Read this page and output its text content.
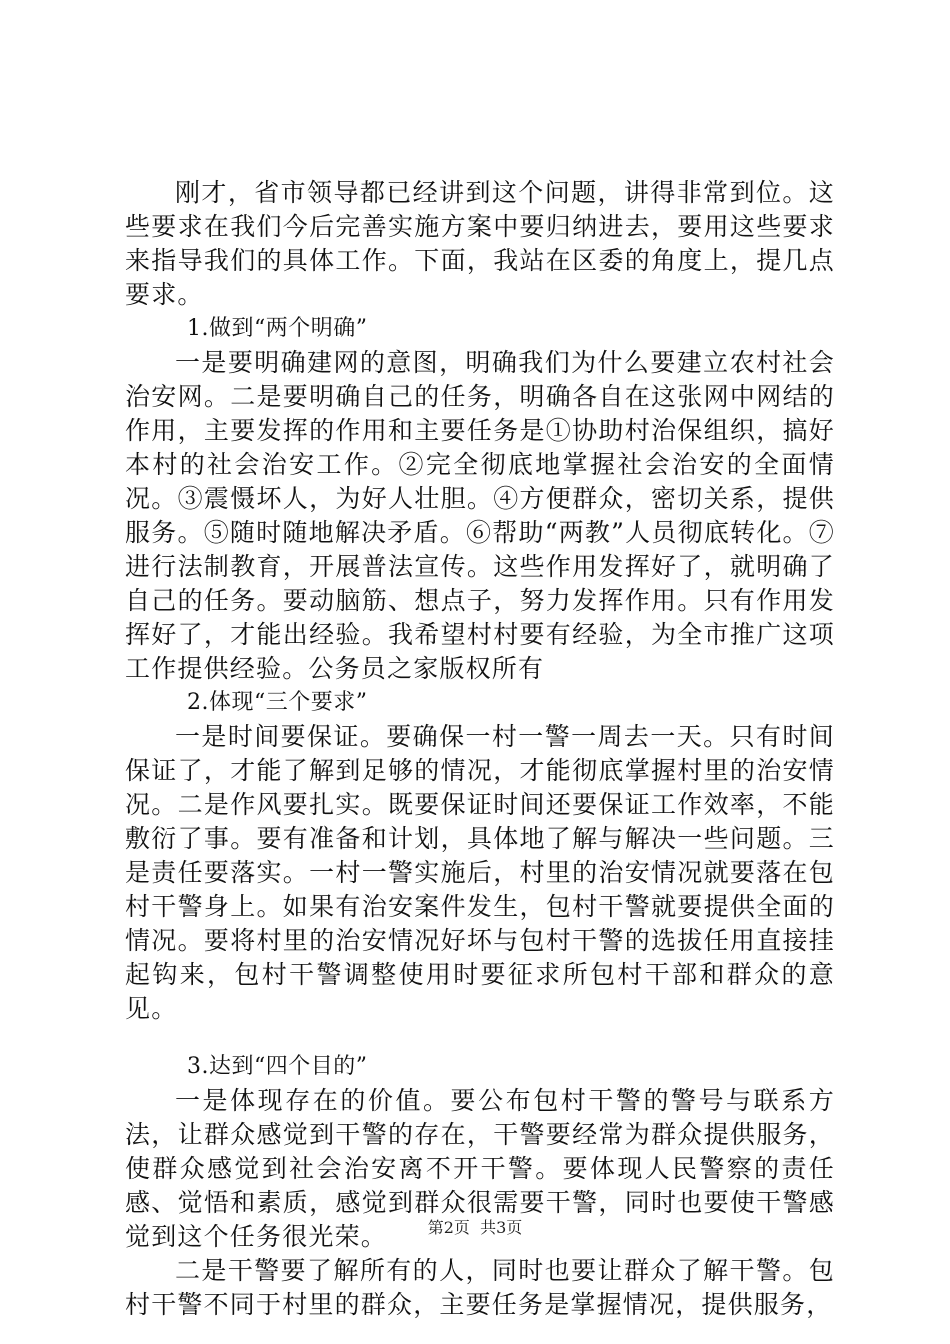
刚才，省市领导都已经讲到这个问题，讲得非常到位。这些要求在我们今后完善实施方案中要归纳进去，要用这些要求来指导我们的具体工作。下面，我站在区委的角度上，提几点要求。

1.做到“两个明确”

一是要明确建网的意图，明确我们为什么要建立农村社会治安网。二是要明确自己的任务，明确各自在这张网中网结的作用，主要发挥的作用和主要任务是①协助村治保组织，搞好本村的社会治安工作。②完全彻底地掌握社会治安的全面情况。③震慑坏人，为好人壮胆。④方便群众，密切关系，提供服务。⑤随时随地解决矛盾。⑥帮助“两教”人员彻底转化。⑦进行法制教育，开展普法宣传。这些作用发挥好了，就明确了自己的任务。要动脑筋、想点子，努力发挥作用。只有作用发挥好了，才能出经验。我希望村村要有经验，为全市推广这项工作提供经验。公务员之家版权所有

2.体现“三个要求”

一是时间要保证。要确保一村一警一周去一天。只有时间保证了，才能了解到足够的情况，才能彻底掌握村里的治安情况。二是作风要扎实。既要保证时间还要保证工作效率，不能敷衍了事。要有准备和计划，具体地了解与解决一些问题。三是责任要落实。一村一警实施后，村里的治安情况就要落在包村干警身上。如果有治安案件发生，包村干警就要提供全面的情况。要将村里的治安情况好坏与包村干警的选拔任用直接挂起钩来，包村干警调整使用时要征求所包村干部和群众的意见。

3.达到“四个目的”

一是体现存在的价值。要公布包村干警的警号与联系方法，让群众感觉到干警的存在，干警要经常为群众提供服务，使群众感觉到社会治安离不开干警。要体现人民警察的责任感、觉悟和素质，感觉到群众很需要干警，同时也要使干警感觉到这个任务很光荣。

二是干警要了解所有的人，同时也要让群众了解干警。包村干警不同于村里的群众，主要任务是掌握情况，提供服务，

第2页  共3页
